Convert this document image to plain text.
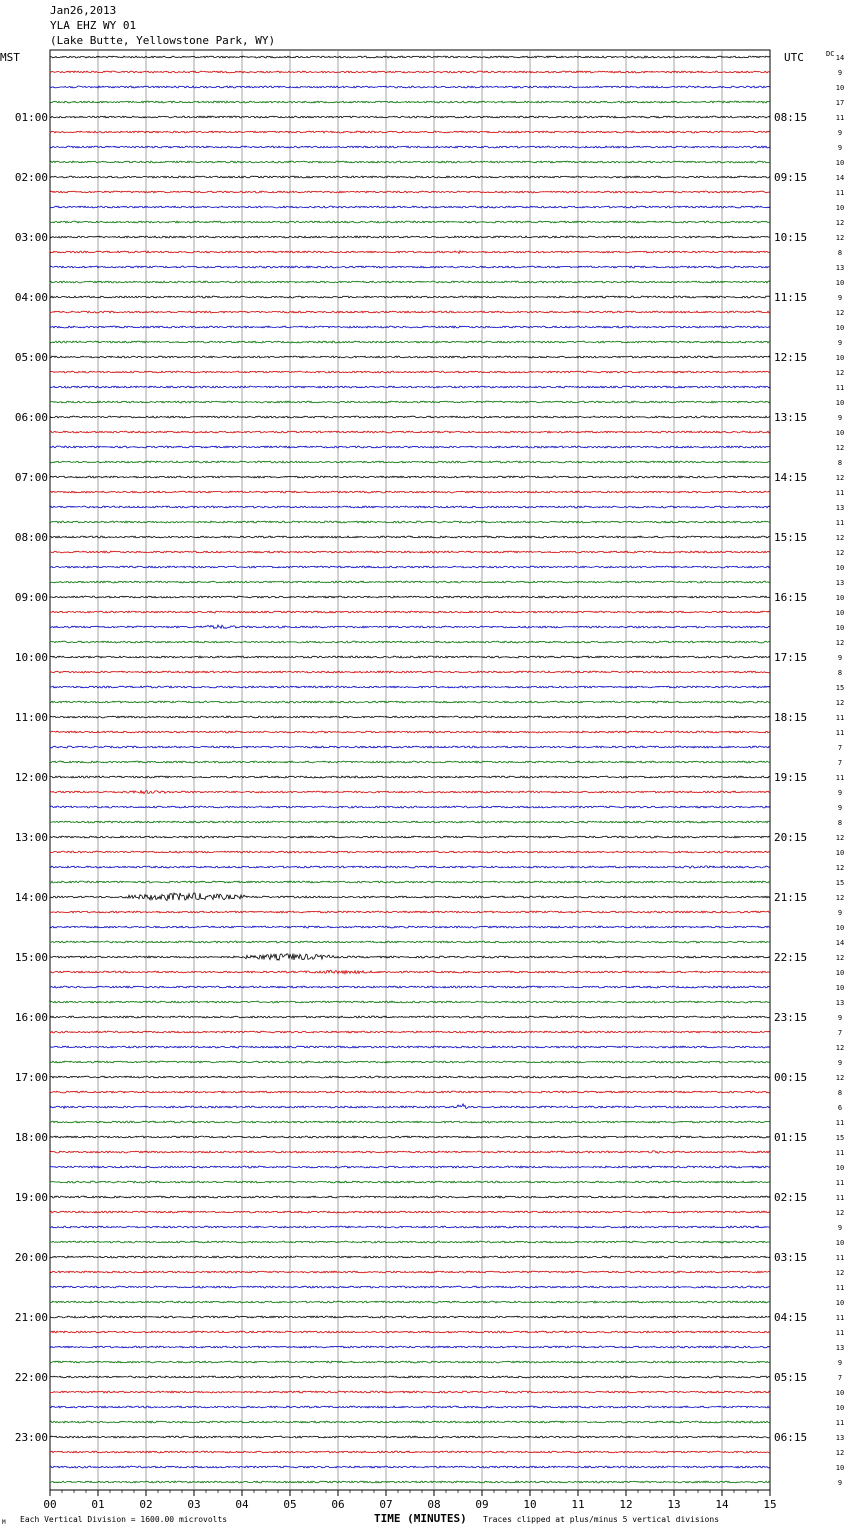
Jan26,2013
YLA EHZ WY 01
(Lake Butte, Yellowstone Park, WY)
14
9
10
17
11
9
9
10
14
11
10
12
12
8
13
10
9
12
10
9
10
12
11
10
9
10
12
8
12
11
13
11
12
12
10
13
10
10
10
12
9
8
15
12
11
11
7
7
11
9
9
8
12
10
12
15
12
9
10
14
12
10
10
13
9
7
12
9
12
8
6
11
15
11
10
11
11
12
9
10
11
12
11
10
11
11
13
9
7
10
10
11
13
12
10
9
MST	UTC	DC
01:00
02:00
03:00
04:00
05:00
06:00
07:00
08:00
09:00
10:00
11:00
12:00
13:00
14:00
15:00
16:00
17:00
18:00
19:00
20:00
21:00
22:00
23:00
08:15
09:15
10:15
11:15
12:15
13:15
14:15
15:15
16:15
17:15
18:15
19:15
20:15
21:15
22:15
23:15
00:15
01:15
02:15
03:15
04:15
05:15
06:15
00	01	02	03	04	05	06	07	08	09	10	11	12	13	14	15
Each Vertical Division = 1600.00 microvolts	TIME (MINUTES) Traces clipped at plus/minus 5 vertical divisions
M
